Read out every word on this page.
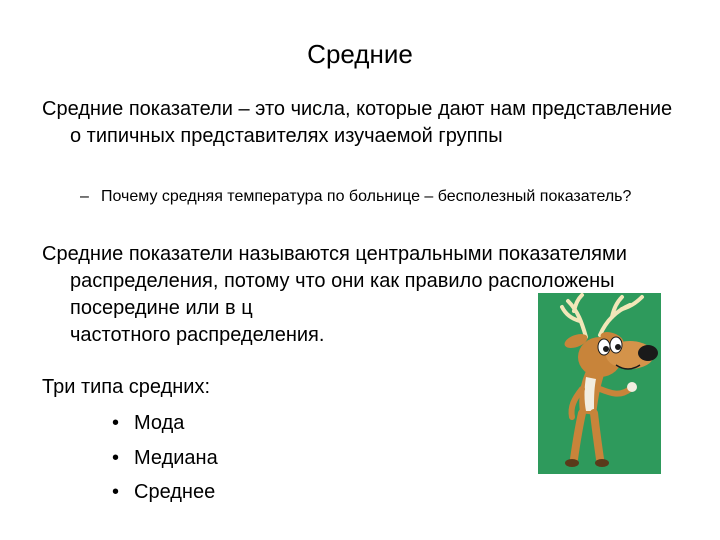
Средние
Средние показатели – это числа, которые дают нам представление о типичных представителях изучаемой группы
– Почему средняя температура по больнице – бесполезный показатель?
Средние показатели называются центральными показателями распределения, потому что они как правило расположены посередине или в ц
частотного распределения.
Три типа средних:
• Мода
• Медиана
• Среднее
